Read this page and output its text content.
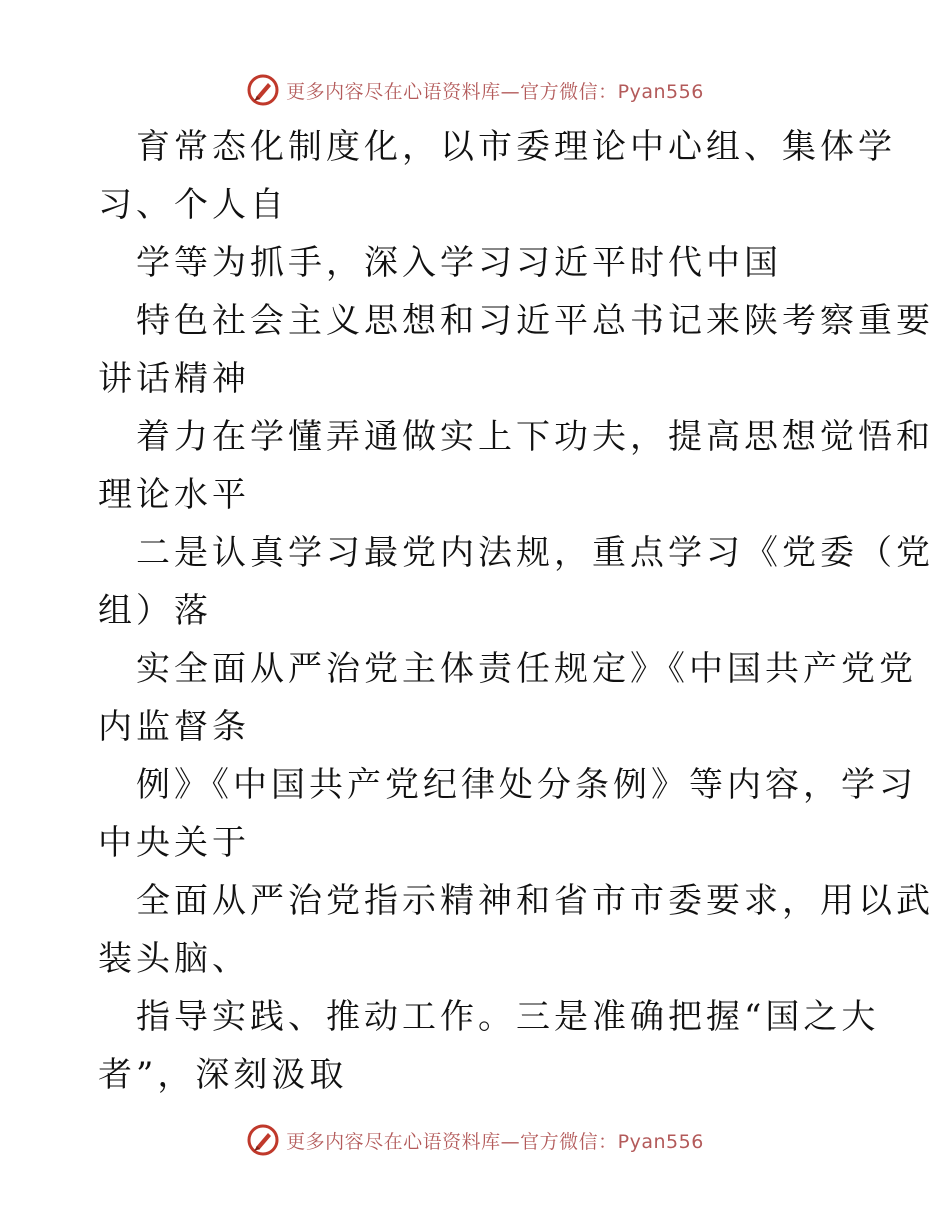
更多内容尽在心语资料库—官方微信：Pyan556
育常态化制度化，以市委理论中心组、集体学
习、个人自
学等为抓手，深入学习习近平时代中国
特色社会主义思想和习近平总书记来陕考察重要
讲话精神
着力在学懂弄通做实上下功夫，提高思想觉悟和
理论水平
二是认真学习最党内法规，重点学习《党委（党
组）落
实全面从严治党主体责任规定》《中国共产党党
内监督条
例》《中国共产党纪律处分条例》等内容，学习
中央关于
全面从严治党指示精神和省市市委要求，用以武
装头脑、
指导实践、推动工作。三是准确把握“国之大
者”，深刻汲取
更多内容尽在心语资料库—官方微信：Pyan556
